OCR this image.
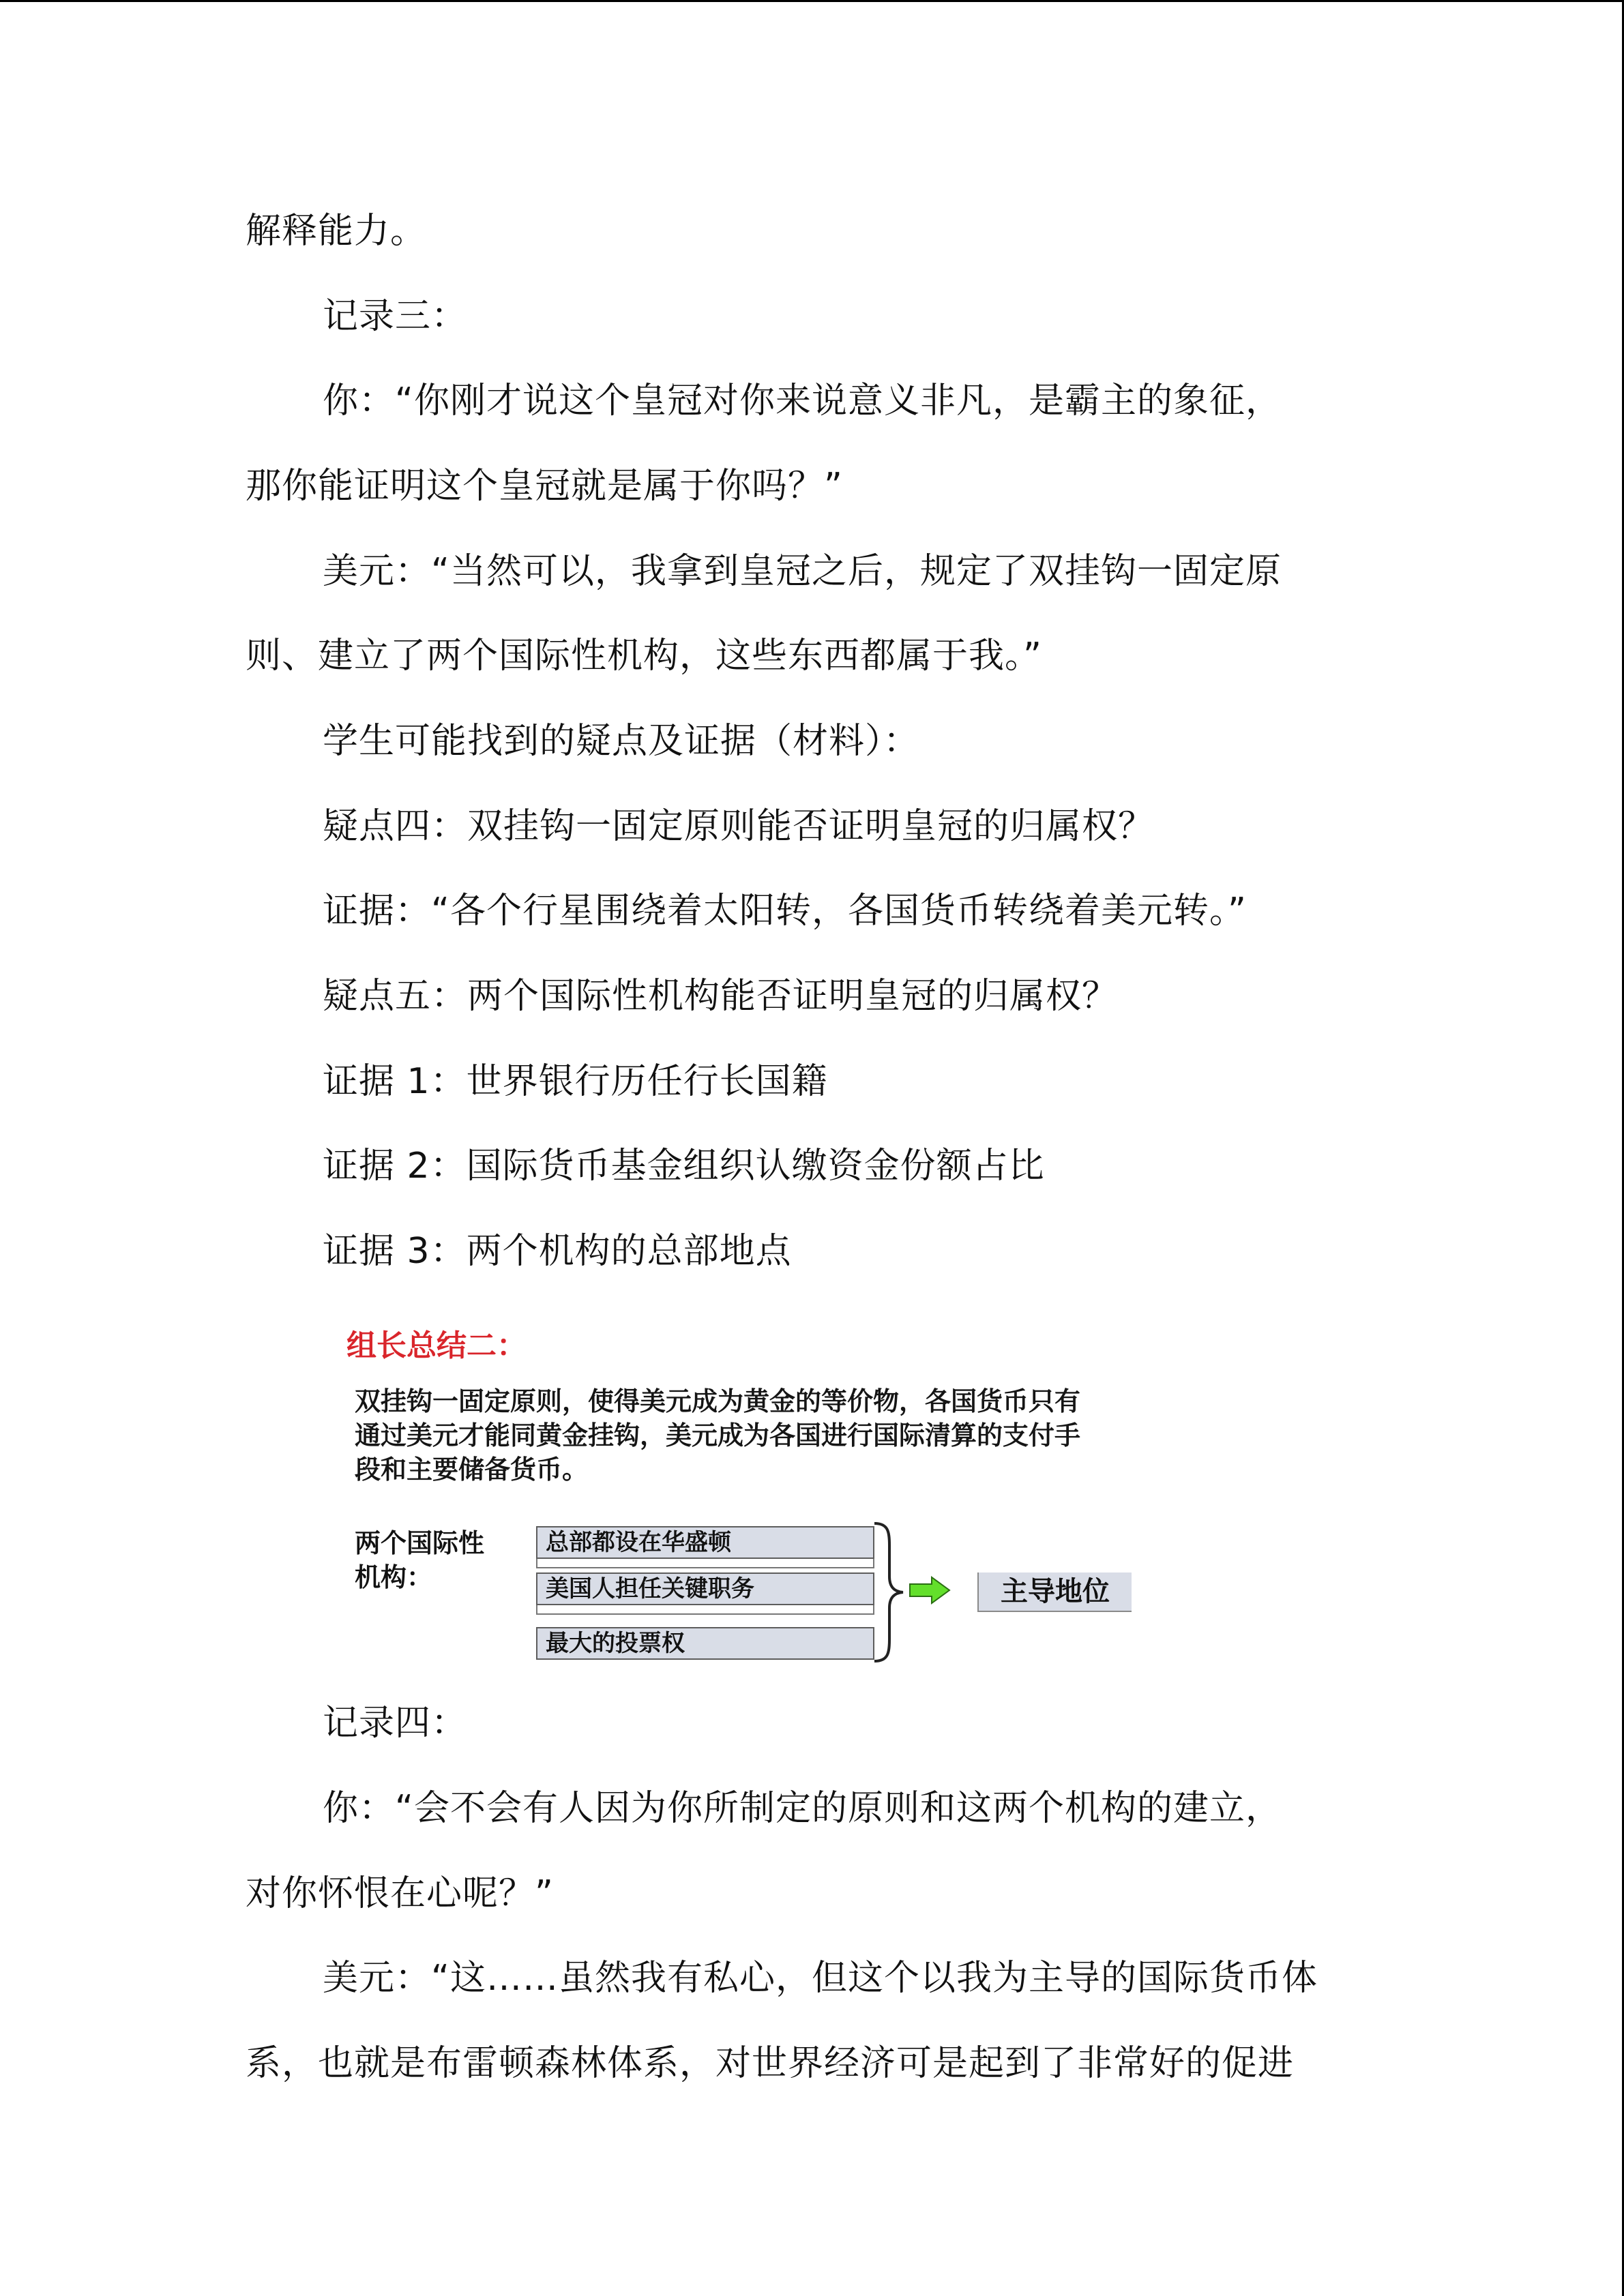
解释能力。
记录三：
你：“你刚才说这个皇冠对你来说意义非凡，是霸主的象征，
那你能证明这个皇冠就是属于你吗？”
美元：“当然可以，我拿到皇冠之后，规定了双挂钩一固定原
则、建立了两个国际性机构，这些东西都属于我。”
学生可能找到的疑点及证据（材料）：
疑点四：双挂钩一固定原则能否证明皇冠的归属权？
证据：“各个行星围绕着太阳转，各国货币转绕着美元转。”
疑点五：两个国际性机构能否证明皇冠的归属权？
证据 1：世界银行历任行长国籍
证据 2：国际货币基金组织认缴资金份额占比
证据 3：两个机构的总部地点
组长总结二：
双挂钩一固定原则，使得美元成为黄金的等价物，各国货币只有
通过美元才能同黄金挂钩，美元成为各国进行国际清算的支付手
段和主要储备货币。
两个国际性
机构：
总部都设在华盛顿
美国人担任关键职务
最大的投票权
主导地位
记录四：
你：“会不会有人因为你所制定的原则和这两个机构的建立，
对你怀恨在心呢？”
美元：“这……虽然我有私心，但这个以我为主导的国际货币体
系，也就是布雷顿森林体系，对世界经济可是起到了非常好的促进
